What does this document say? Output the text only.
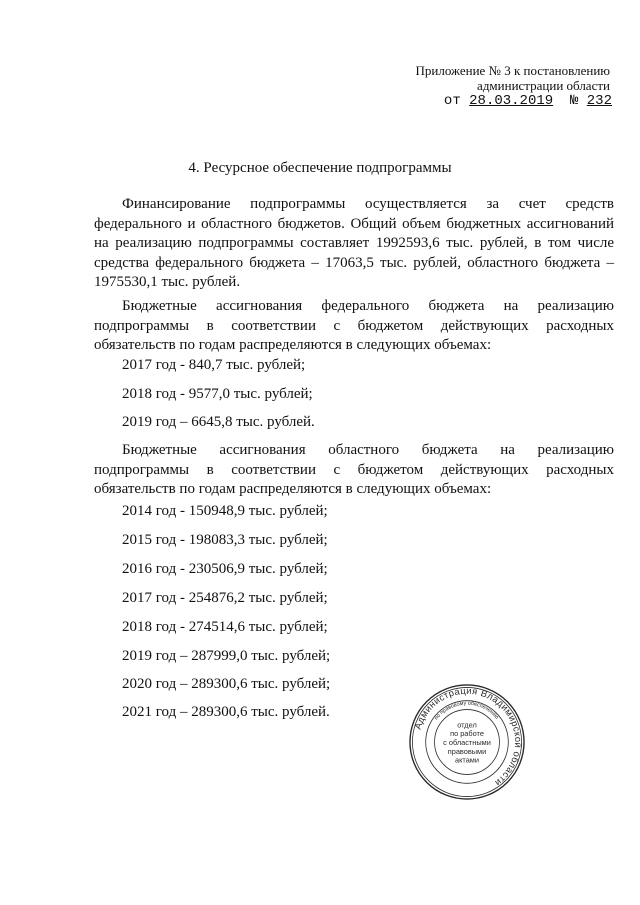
Приложение № 3 к постановлению
администрации области
от 28.03.2019 № 232
4. Ресурсное обеспечение подпрограммы

Финансирование подпрограммы осуществляется за счет средств федерального и областного бюджетов. Общий объем бюджетных ассигнований на реализацию подпрограммы составляет 1992593,6 тыс. рублей, в том числе средства федерального бюджета – 17063,5 тыс. рублей, областного бюджета – 1975530,1 тыс. рублей.

Бюджетные ассигнования федерального бюджета на реализацию подпрограммы в соответствии с бюджетом действующих расходных обязательств по годам распределяются в следующих объемах:

2017 год - 840,7 тыс. рублей;

2018 год - 9577,0 тыс. рублей;

2019 год – 6645,8 тыс. рублей.

Бюджетные ассигнования областного бюджета на реализацию подпрограммы в соответствии с бюджетом действующих расходных обязательств по годам распределяются в следующих объемах:

2014 год - 150948,9 тыс. рублей;

2015 год - 198083,3 тыс. рублей;

2016 год - 230506,9 тыс. рублей;

2017 год - 254876,2 тыс. рублей;

2018 год - 274514,6 тыс. рублей;

2019 год – 287999,0 тыс. рублей;

2020 год – 289300,6 тыс. рублей;

2021 год – 289300,6 тыс. рублей.

Администрация Владимирской области
по правовому обеспечению
отдел
по работе
с областными
правовыми
актами
